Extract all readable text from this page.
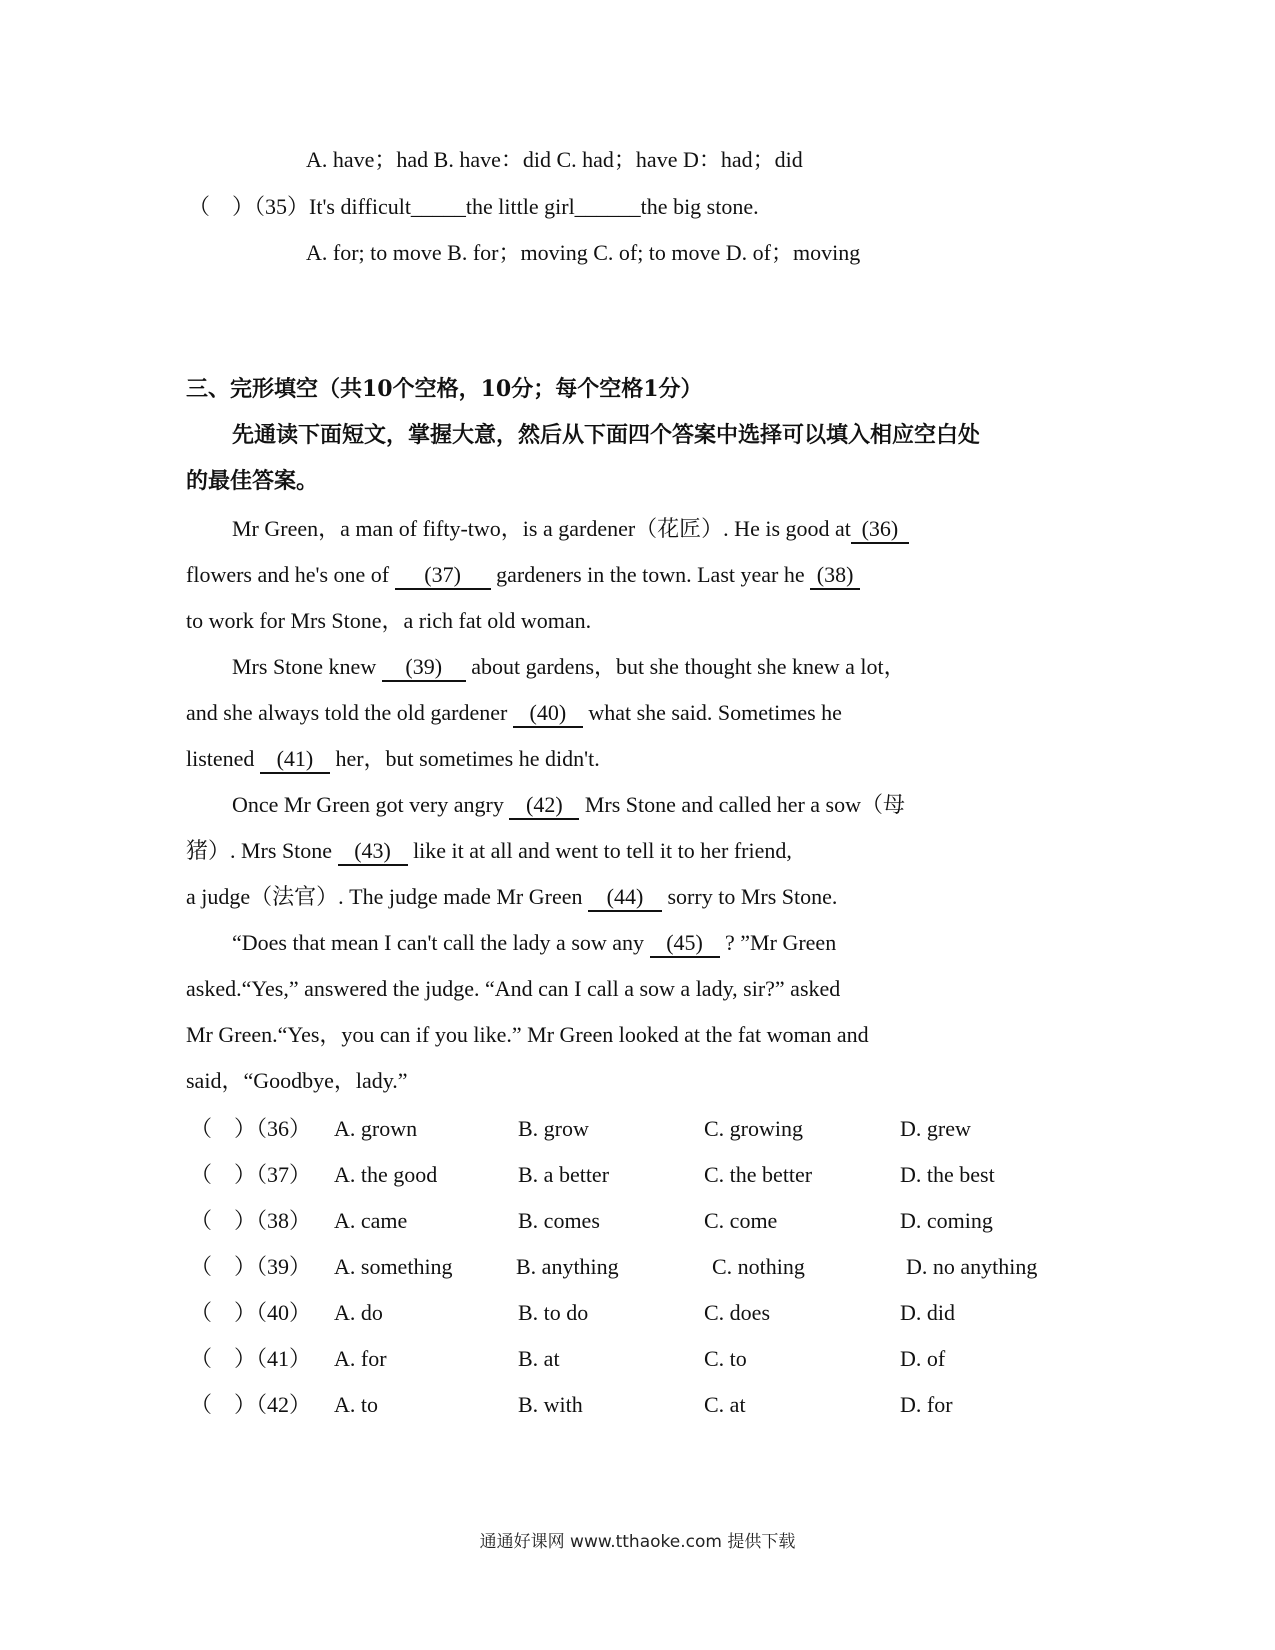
A. have；had B. have：did C. had；have D：had；did
（　）（35）It's difficult_____the little girl______the big stone.
A. for; to move B. for；moving C. of; to move D. of；moving
三、完形填空（共10个空格，10分；每个空格1分）
先通读下面短文，掌握大意，然后从下面四个答案中选择可以填入相应空白处
的最佳答案。
Mr Green，a man of fifty-two，is a gardener（花匠）. He is good at (36)
flowers and he's one of (37) gardeners in the town. Last year he (38)
to work for Mrs Stone，a rich fat old woman.
Mrs Stone knew (39) about gardens，but she thought she knew a lot，
and she always told the old gardener (40) what she said. Sometimes he
listened (41) her，but sometimes he didn't.
Once Mr Green got very angry (42) Mrs Stone and called her a sow（母
猪）. Mrs Stone (43) like it at all and went to tell it to her friend,
a judge（法官）. The judge made Mr Green (44) sorry to Mrs Stone.
“Does that mean I can't call the lady a sow any (45) ? ”Mr Green
asked.“Yes,” answered the judge. “And can I call a sow a lady, sir?” asked
Mr Green.“Yes，you can if you like.” Mr Green looked at the fat woman and
said，“Goodbye，lady.”
（　）（36） A. grown	B. grow	C. growing	D. grew
（　）（37） A. the good	B. a better	C. the better	D. the best
（　）（38） A. came	B. comes	C. come	D. coming
（　）（39） A. something	B. anything	C. nothing	D. no anything
（　）（40） A. do	B. to do	C. does	D. did
（　）（41） A. for	B. at	C. to	D. of
（　）（42） A. to	B. with	C. at	D. for
通通好课网 www.tthaoke.com 提供下载
